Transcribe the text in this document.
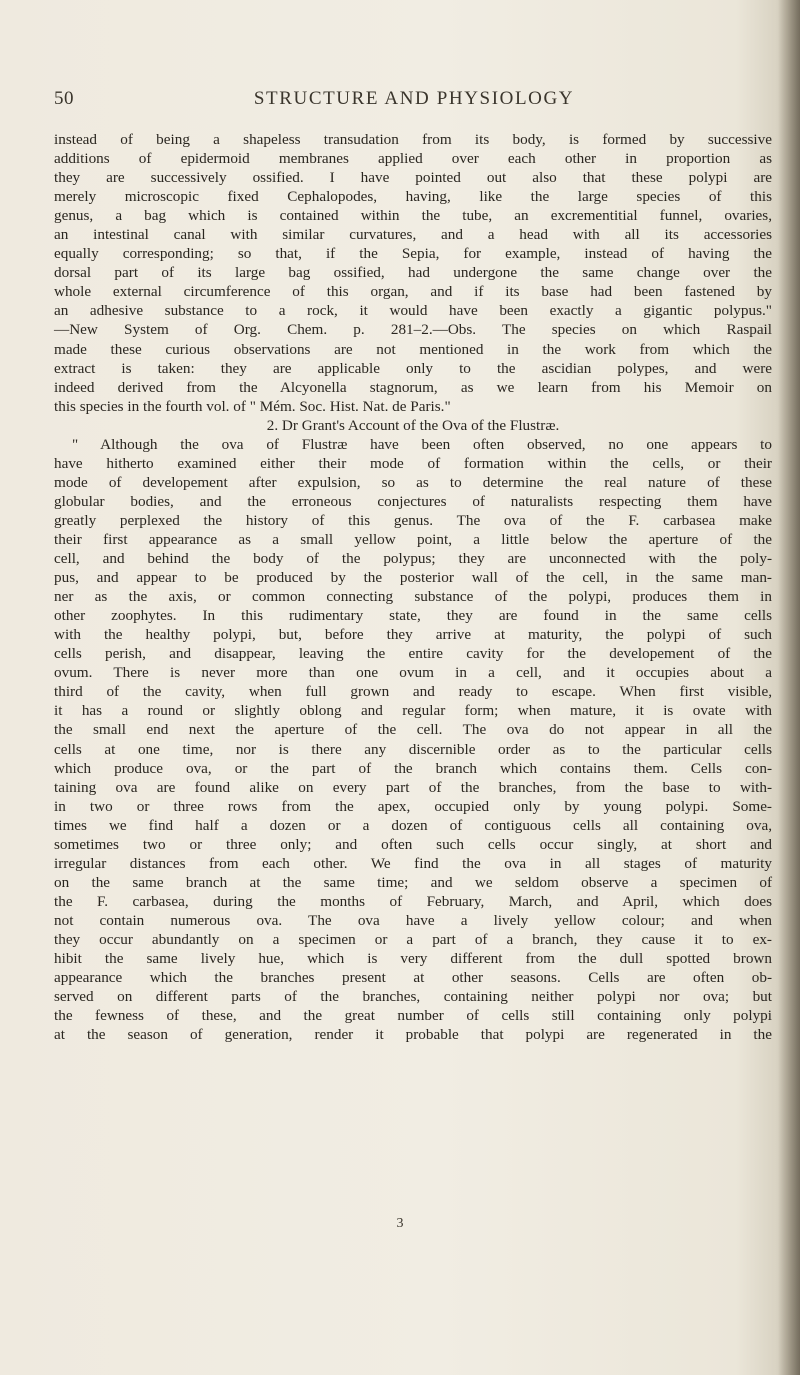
50	STRUCTURE AND PHYSIOLOGY
instead of being a shapeless transudation from its body, is formed by successive
additions of epidermoid membranes applied over each other in proportion as
they are successively ossified. I have pointed out also that these polypi are
merely microscopic fixed Cephalopodes, having, like the large species of this
genus, a bag which is contained within the tube, an excrementitial funnel, ovaries,
an intestinal canal with similar curvatures, and a head with all its accessories
equally corresponding; so that, if the Sepia, for example, instead of having the
dorsal part of its large bag ossified, had undergone the same change over the
whole external circumference of this organ, and if its base had been fastened by
an adhesive substance to a rock, it would have been exactly a gigantic polypus."
—New System of Org. Chem. p. 281–2.—Obs. The species on which Raspail
made these curious observations are not mentioned in the work from which the
extract is taken: they are applicable only to the ascidian polypes, and were
indeed derived from the Alcyonella stagnorum, as we learn from his Memoir on
this species in the fourth vol. of " Mém. Soc. Hist. Nat. de Paris."
2. Dr Grant's Account of the Ova of the Flustræ.
" Although the ova of Flustræ have been often observed, no one appears to
have hitherto examined either their mode of formation within the cells, or their
mode of developement after expulsion, so as to determine the real nature of these
globular bodies, and the erroneous conjectures of naturalists respecting them have
greatly perplexed the history of this genus. The ova of the F. carbasea make
their first appearance as a small yellow point, a little below the aperture of the
cell, and behind the body of the polypus; they are unconnected with the poly-
pus, and appear to be produced by the posterior wall of the cell, in the same man-
ner as the axis, or common connecting substance of the polypi, produces them in
other zoophytes. In this rudimentary state, they are found in the same cells
with the healthy polypi, but, before they arrive at maturity, the polypi of such
cells perish, and disappear, leaving the entire cavity for the developement of the
ovum. There is never more than one ovum in a cell, and it occupies about a
third of the cavity, when full grown and ready to escape. When first visible,
it has a round or slightly oblong and regular form; when mature, it is ovate with
the small end next the aperture of the cell. The ova do not appear in all the
cells at one time, nor is there any discernible order as to the particular cells
which produce ova, or the part of the branch which contains them. Cells con-
taining ova are found alike on every part of the branches, from the base to with-
in two or three rows from the apex, occupied only by young polypi. Some-
times we find half a dozen or a dozen of contiguous cells all containing ova,
sometimes two or three only; and often such cells occur singly, at short and
irregular distances from each other. We find the ova in all stages of maturity
on the same branch at the same time; and we seldom observe a specimen of
the F. carbasea, during the months of February, March, and April, which does
not contain numerous ova. The ova have a lively yellow colour; and when
they occur abundantly on a specimen or a part of a branch, they cause it to ex-
hibit the same lively hue, which is very different from the dull spotted brown
appearance which the branches present at other seasons. Cells are often ob-
served on different parts of the branches, containing neither polypi nor ova; but
the fewness of these, and the great number of cells still containing only polypi
at the season of generation, render it probable that polypi are regenerated in the
3
